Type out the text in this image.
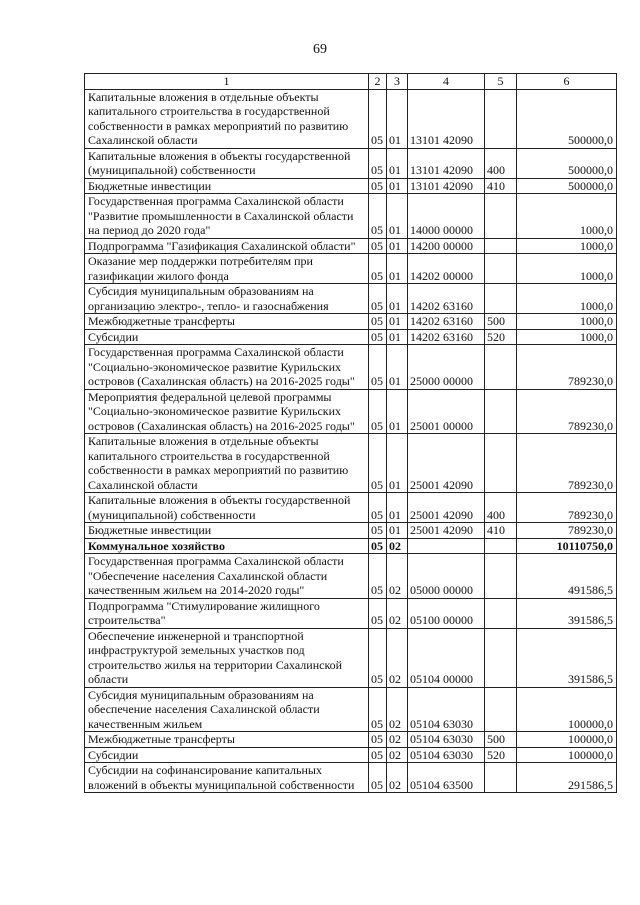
69
1	2	3	4	5	6
Капитальные вложения в отдельные объекты капитального строительства в государственной собственности в рамках мероприятий по развитию Сахалинской области	05	01	13101 42090		500000,0
Капитальные вложения в объекты государственной (муниципальной) собственности	05	01	13101 42090	400	500000,0
Бюджетные инвестиции	05	01	13101 42090	410	500000,0
Государственная программа Сахалинской области "Развитие промышленности в Сахалинской области на период до 2020 года"	05	01	14000 00000		1000,0
Подпрограмма "Газификация Сахалинской области"	05	01	14200 00000		1000,0
Оказание мер поддержки потребителям при газификации жилого фонда	05	01	14202 00000		1000,0
Субсидия муниципальным образованиям на организацию электро-, тепло- и газоснабжения	05	01	14202 63160		1000,0
Межбюджетные трансферты	05	01	14202 63160	500	1000,0
Субсидии	05	01	14202 63160	520	1000,0
Государственная программа Сахалинской области "Социально-экономическое развитие Курильских островов (Сахалинская область) на 2016-2025 годы"	05	01	25000 00000		789230,0
Мероприятия федеральной целевой программы "Социально-экономическое развитие Курильских островов (Сахалинская область) на 2016-2025 годы"	05	01	25001 00000		789230,0
Капитальные вложения в отдельные объекты капитального строительства в государственной собственности в рамках мероприятий по развитию Сахалинской области	05	01	25001 42090		789230,0
Капитальные вложения в объекты государственной (муниципальной) собственности	05	01	25001 42090	400	789230,0
Бюджетные инвестиции	05	01	25001 42090	410	789230,0
Коммунальное хозяйство	05	02			10110750,0
Государственная программа Сахалинской области "Обеспечение населения Сахалинской области качественным жильем на 2014-2020 годы"	05	02	05000 00000		491586,5
Подпрограмма "Стимулирование жилищного строительства"	05	02	05100 00000		391586,5
Обеспечение инженерной и транспортной инфраструктурой земельных участков под строительство жилья на территории Сахалинской области	05	02	05104 00000		391586,5
Субсидия муниципальным образованиям на обеспечение населения Сахалинской области качественным жильем	05	02	05104 63030		100000,0
Межбюджетные трансферты	05	02	05104 63030	500	100000,0
Субсидии	05	02	05104 63030	520	100000,0
Субсидии на софинансирование капитальных вложений в объекты муниципальной собственности	05	02	05104 63500		291586,5
